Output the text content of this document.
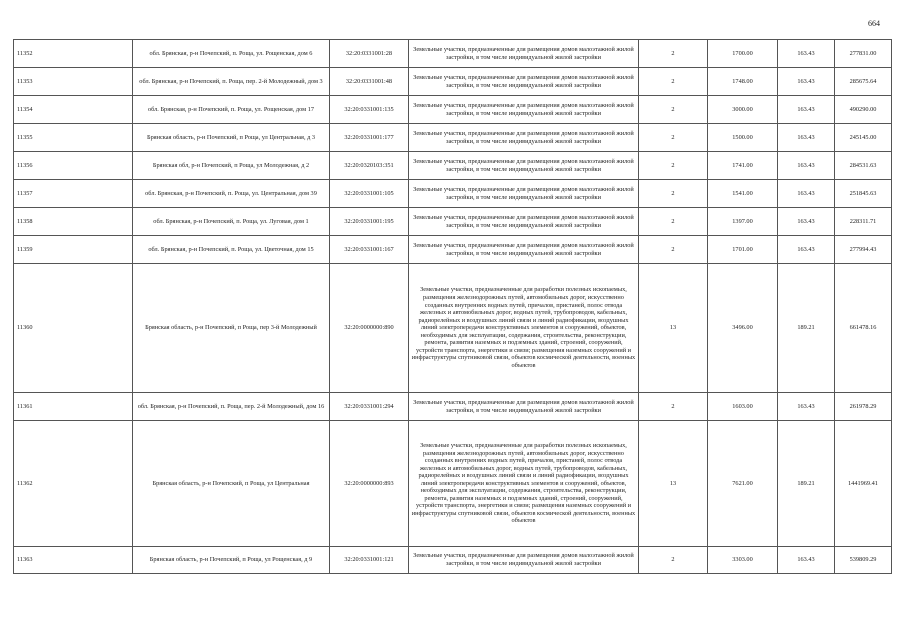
664
11352	обл. Брянская, р-н Почепский, п. Роща, ул. Рощенская, дом 6	32:20:0331001:28	Земельные участки, предназначенные для размещения домов малоэтажной жилой застройки, в том числе индивидуальной жилой застройки	2	1700.00	163.43	277831.00
11353	обл. Брянская, р-н Почепский, п. Роща, пер. 2-й Молодежный, дом 3	32:20:0331001:48	Земельные участки, предназначенные для размещения домов малоэтажной жилой застройки, в том числе индивидуальной жилой застройки	2	1748.00	163.43	285675.64
11354	обл. Брянская, р-н Почепский, п. Роща, ул. Рощенская, дом 17	32:20:0331001:135	Земельные участки, предназначенные для размещения домов малоэтажной жилой застройки, в том числе индивидуальной жилой застройки	2	3000.00	163.43	490290.00
11355	Брянская область, р-н Почепский, п Роща, ул Центральная, д 3	32:20:0331001:177	Земельные участки, предназначенные для размещения домов малоэтажной жилой застройки, в том числе индивидуальной жилой застройки	2	1500.00	163.43	245145.00
11356	Брянская обл, р-н Почепский, п Роща, ул Молодежная, д 2	32:20:0320103:351	Земельные участки, предназначенные для размещения домов малоэтажной жилой застройки, в том числе индивидуальной жилой застройки	2	1741.00	163.43	284531.63
11357	обл. Брянская, р-н Почепский, п. Роща, ул. Центральная, дом 39	32:20:0331001:105	Земельные участки, предназначенные для размещения домов малоэтажной жилой застройки, в том числе индивидуальной жилой застройки	2	1541.00	163.43	251845.63
11358	обл. Брянская, р-н Почепский, п. Роща, ул. Луговая, дом 1	32:20:0331001:195	Земельные участки, предназначенные для размещения домов малоэтажной жилой застройки, в том числе индивидуальной жилой застройки	2	1397.00	163.43	228311.71
11359	обл. Брянская, р-н Почепский, п. Роща, ул. Цветочная, дом 15	32:20:0331001:167	Земельные участки, предназначенные для размещения домов малоэтажной жилой застройки, в том числе индивидуальной жилой застройки	2	1701.00	163.43	277994.43
11360	Брянская область, р-н Почепский, п Роща, пер 3-й Молодежный	32:20:0000000:890	Земельные участки, предназначенные для разработки полезных ископаемых, размещения железнодорожных путей, автомобильных дорог, искусственно созданных внутренних водных путей, причалов, пристаней, полос отвода железных и автомобильных дорог, водных путей, трубопроводов, кабельных, радиорелейных и воздушных линий связи и линий радиофикации, воздушных линий электропередачи конструктивных элементов и сооружений, объектов, необходимых для эксплуатации, содержания, строительства, реконструкции, ремонта, развития наземных и подземных зданий, строений, сооружений, устройств транспорта, энергетики и связи; размещения наземных сооружений и инфраструктуры спутниковой связи, объектов космической деятельности, военных объектов	13	3496.00	189.21	661478.16
11361	обл. Брянская, р-н Почепский, п. Роща, пер. 2-й Молодежный, дом 16	32:20:0331001:294	Земельные участки, предназначенные для размещения домов малоэтажной жилой застройки, в том числе индивидуальной жилой застройки	2	1603.00	163.43	261978.29
11362	Брянская область, р-н Почепский, п Роща, ул Центральная	32:20:0000000:893	Земельные участки, предназначенные для разработки полезных ископаемых, размещения железнодорожных путей, автомобильных дорог, искусственно созданных внутренних водных путей, причалов, пристаней, полос отвода железных и автомобильных дорог, водных путей, трубопроводов, кабельных, радиорелейных и воздушных линий связи и линий радиофикации, воздушных линий электропередачи конструктивных элементов и сооружений, объектов, необходимых для эксплуатации, содержания, строительства, реконструкции, ремонта, развития наземных и подземных зданий, строений, сооружений, устройств транспорта, энергетики и связи; размещения наземных сооружений и инфраструктуры спутниковой связи, объектов космической деятельности, военных объектов	13	7621.00	189.21	1441969.41
11363	Брянская область, р-н Почепский, п Роща, ул Рощенская, д 9	32:20:0331001:121	Земельные участки, предназначенные для размещения домов малоэтажной жилой застройки, в том числе индивидуальной жилой застройки	2	3303.00	163.43	539809.29
